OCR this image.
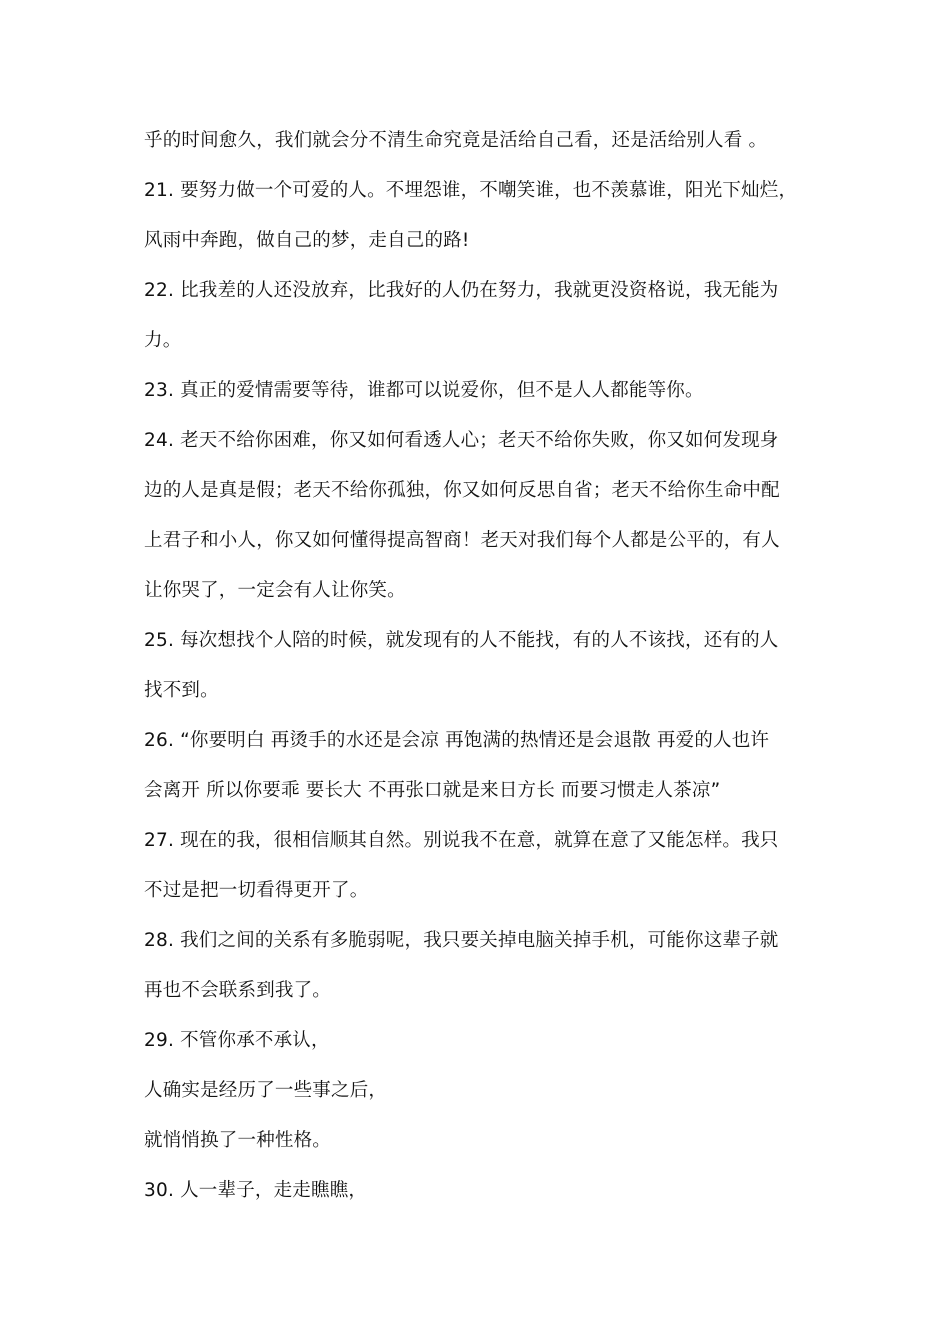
乎的时间愈久，我们就会分不清生命究竟是活给自己看，还是活给别人看 。
21. 要努力做一个可爱的人。不埋怨谁，不嘲笑谁，也不羡慕谁，阳光下灿烂，
风雨中奔跑，做自己的梦，走自己的路!
22. 比我差的人还没放弃，比我好的人仍在努力，我就更没资格说，我无能为
力。
23. 真正的爱情需要等待，谁都可以说爱你，但不是人人都能等你。
24. 老天不给你困难，你又如何看透人心；老天不给你失败，你又如何发现身
边的人是真是假；老天不给你孤独，你又如何反思自省；老天不给你生命中配
上君子和小人，你又如何懂得提高智商！老天对我们每个人都是公平的，有人
让你哭了，一定会有人让你笑。
25. 每次想找个人陪的时候，就发现有的人不能找，有的人不该找，还有的人
找不到。
26. “你要明白 再烫手的水还是会凉 再饱满的热情还是会退散 再爱的人也许
会离开 所以你要乖 要长大 不再张口就是来日方长 而要习惯走人茶凉”
27. 现在的我，很相信顺其自然。别说我不在意，就算在意了又能怎样。我只
不过是把一切看得更开了。
28. 我们之间的关系有多脆弱呢，我只要关掉电脑关掉手机，可能你这辈子就
再也不会联系到我了。
29. 不管你承不承认，
人确实是经历了一些事之后，
就悄悄换了一种性格。
30. 人一辈子，走走瞧瞧，
